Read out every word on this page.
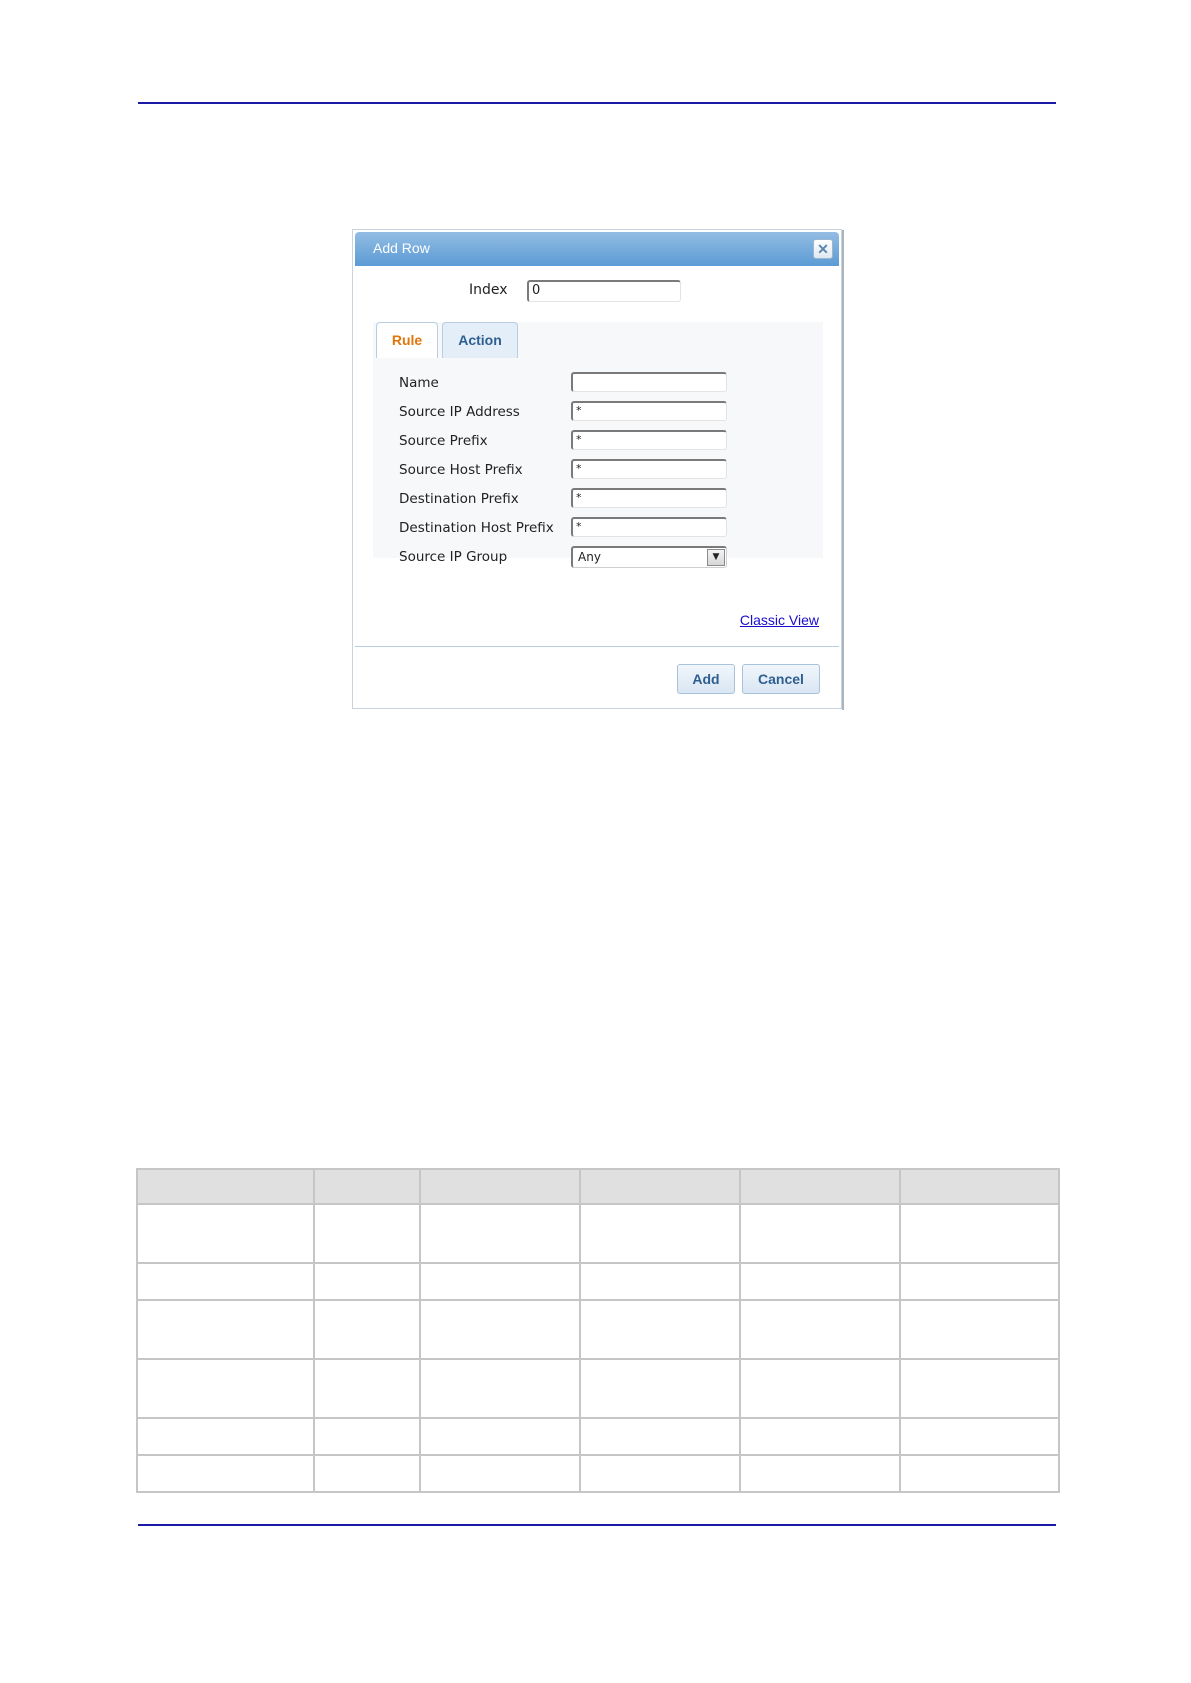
Add Row	✕
Index	0
Rule	Action
Name
Source IP Address	*
Source Prefix	*
Source Host Prefix	*
Destination Prefix	*
Destination Host Prefix	*
Source IP Group	Any	▼
Classic View
Add	Cancel
